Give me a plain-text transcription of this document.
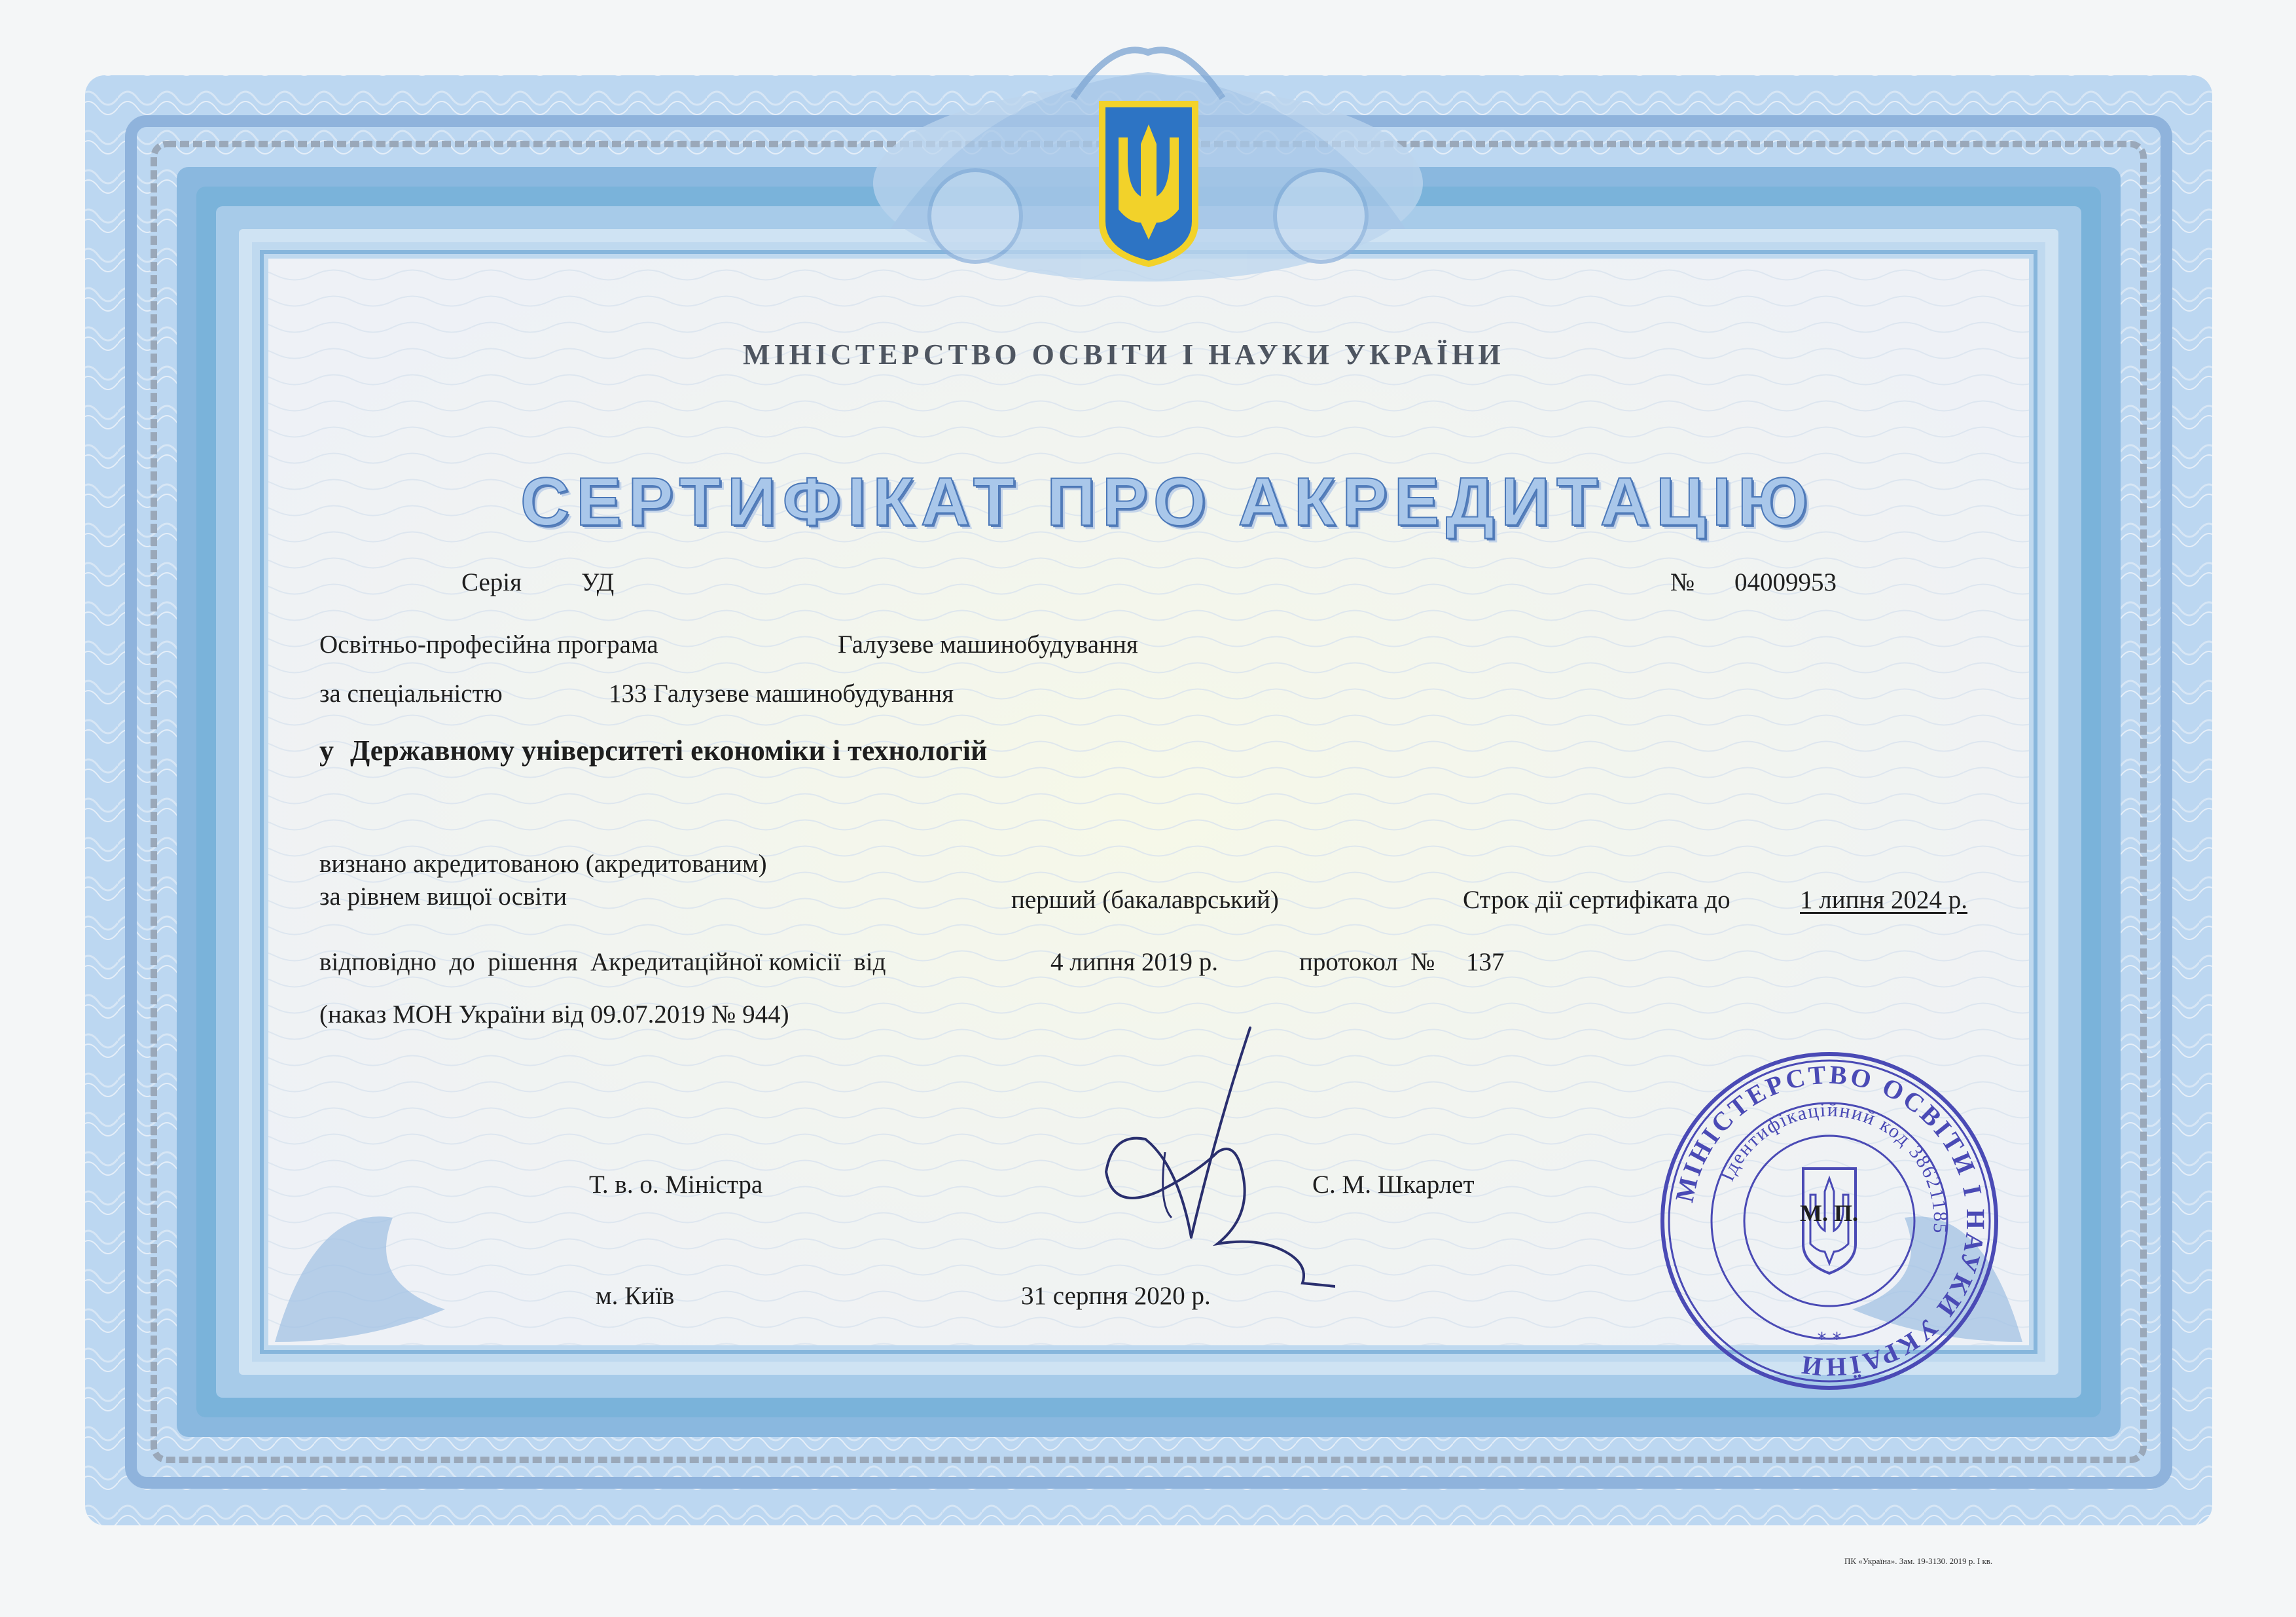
МІНІСТЕРСТВО ОСВІТИ І НАУКИ УКРАЇНИ
Ідентифікаційний код 38621185
* *
МІНІСТЕРСТВО ОСВІТИ І НАУКИ УКРАЇНИ
СЕРТИФІКАТ ПРО АКРЕДИТАЦІЮ
Серія УД	№ 04009953
Освітньо-професійна програма	Галузеве машинобудування
за спеціальністю	133 Галузеве машинобудування
у Державному університеті економіки і технологій
визнано акредитованою (акредитованим)
за рівнем вищої освіти	перший (бакалаврський)	Строк дії сертифіката до	1 липня 2024 р.
відповідно  до  рішення  Акредитаційної комісії  від	4 липня 2019 р.	протокол  № 137
(наказ МОН України від 09.07.2019 № 944)
Т. в. о. Міністра	С. М. Шкарлет
М. П.
м. Київ	31 серпня 2020 р.
ПК «Україна». Зам. 19-3130. 2019 р. I кв.
